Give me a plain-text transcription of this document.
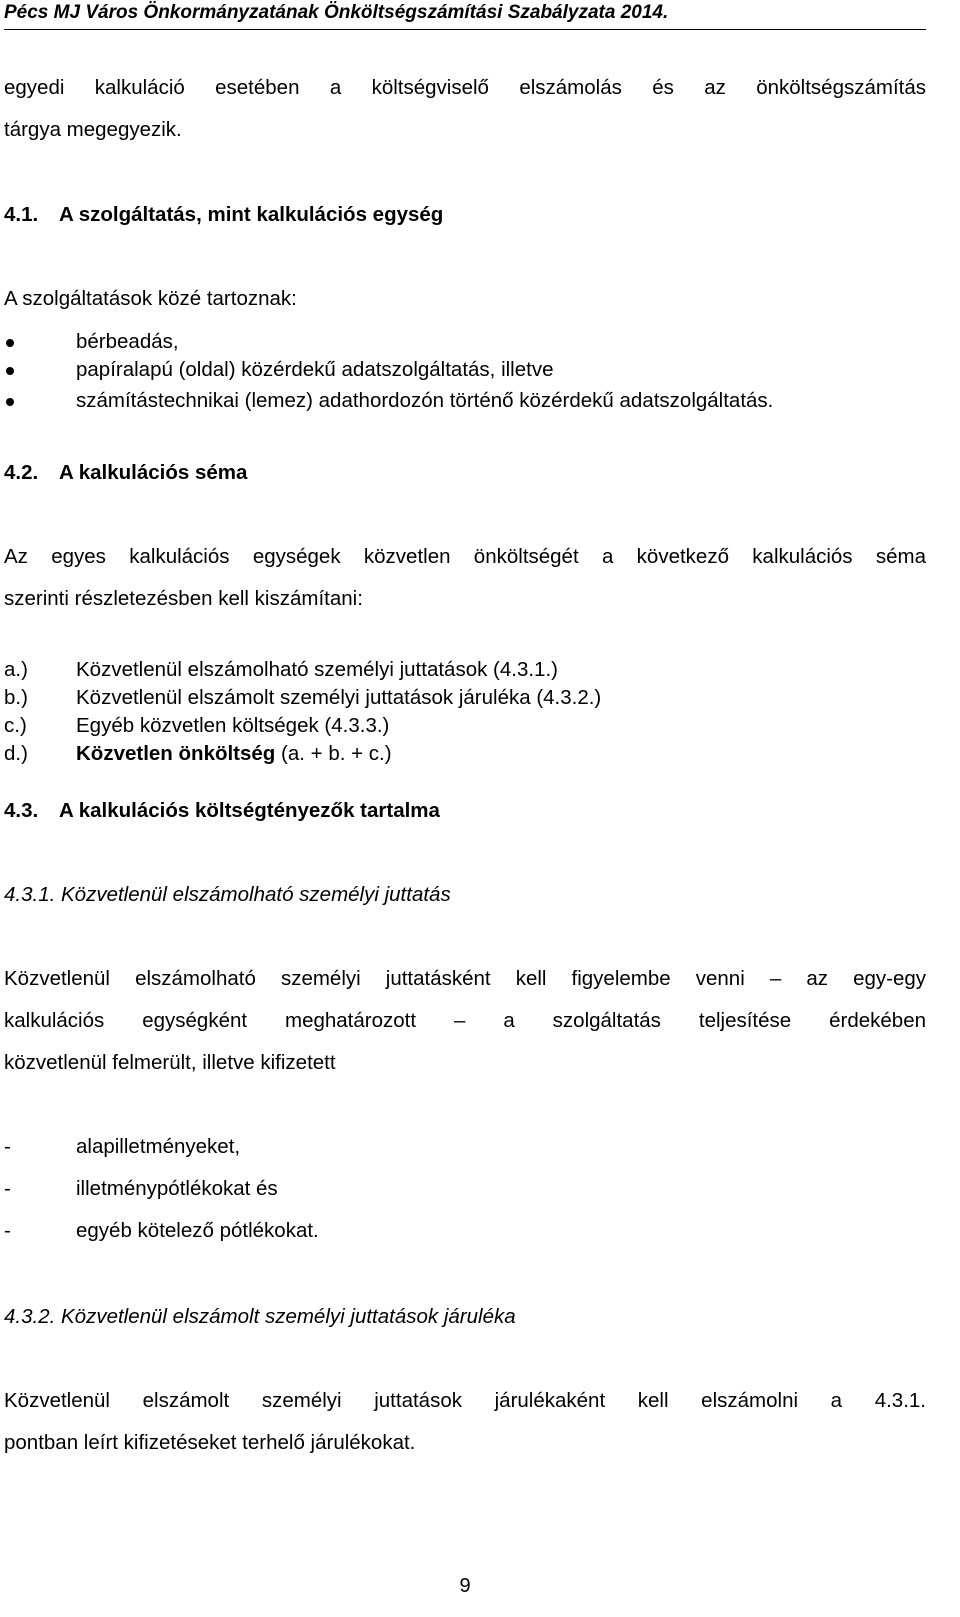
Pécs MJ Város Önkormányzatának Önköltségszámítási Szabályzata 2014.
egyedi kalkuláció esetében a költségviselő elszámolás és az önköltségszámítás
tárgya megegyezik.
4.1. A szolgáltatás, mint kalkulációs egység
A szolgáltatások közé tartoznak:
bérbeadás,
papíralapú (oldal) közérdekű adatszolgáltatás, illetve
számítástechnikai (lemez) adathordozón történő közérdekű adatszolgáltatás.
4.2. A kalkulációs séma
Az egyes kalkulációs egységek közvetlen önköltségét a következő kalkulációs séma
szerinti részletezésben kell kiszámítani:
a.) Közvetlenül elszámolható személyi juttatások (4.3.1.)
b.) Közvetlenül elszámolt személyi juttatások járuléka (4.3.2.)
c.) Egyéb közvetlen költségek (4.3.3.)
d.) Közvetlen önköltség (a. + b. + c.)
4.3. A kalkulációs költségtényezők tartalma
4.3.1. Közvetlenül elszámolható személyi juttatás
Közvetlenül elszámolható személyi juttatásként kell figyelembe venni – az egy-egy
kalkulációs egységként meghatározott – a szolgáltatás teljesítése érdekében
közvetlenül felmerült, illetve kifizetett
-	alapilletményeket,
-	illetménypótlékokat és
-	egyéb kötelező pótlékokat.
4.3.2. Közvetlenül elszámolt személyi juttatások járuléka
Közvetlenül elszámolt személyi juttatások járulékaként kell elszámolni a 4.3.1.
pontban leírt kifizetéseket terhelő járulékokat.
9
